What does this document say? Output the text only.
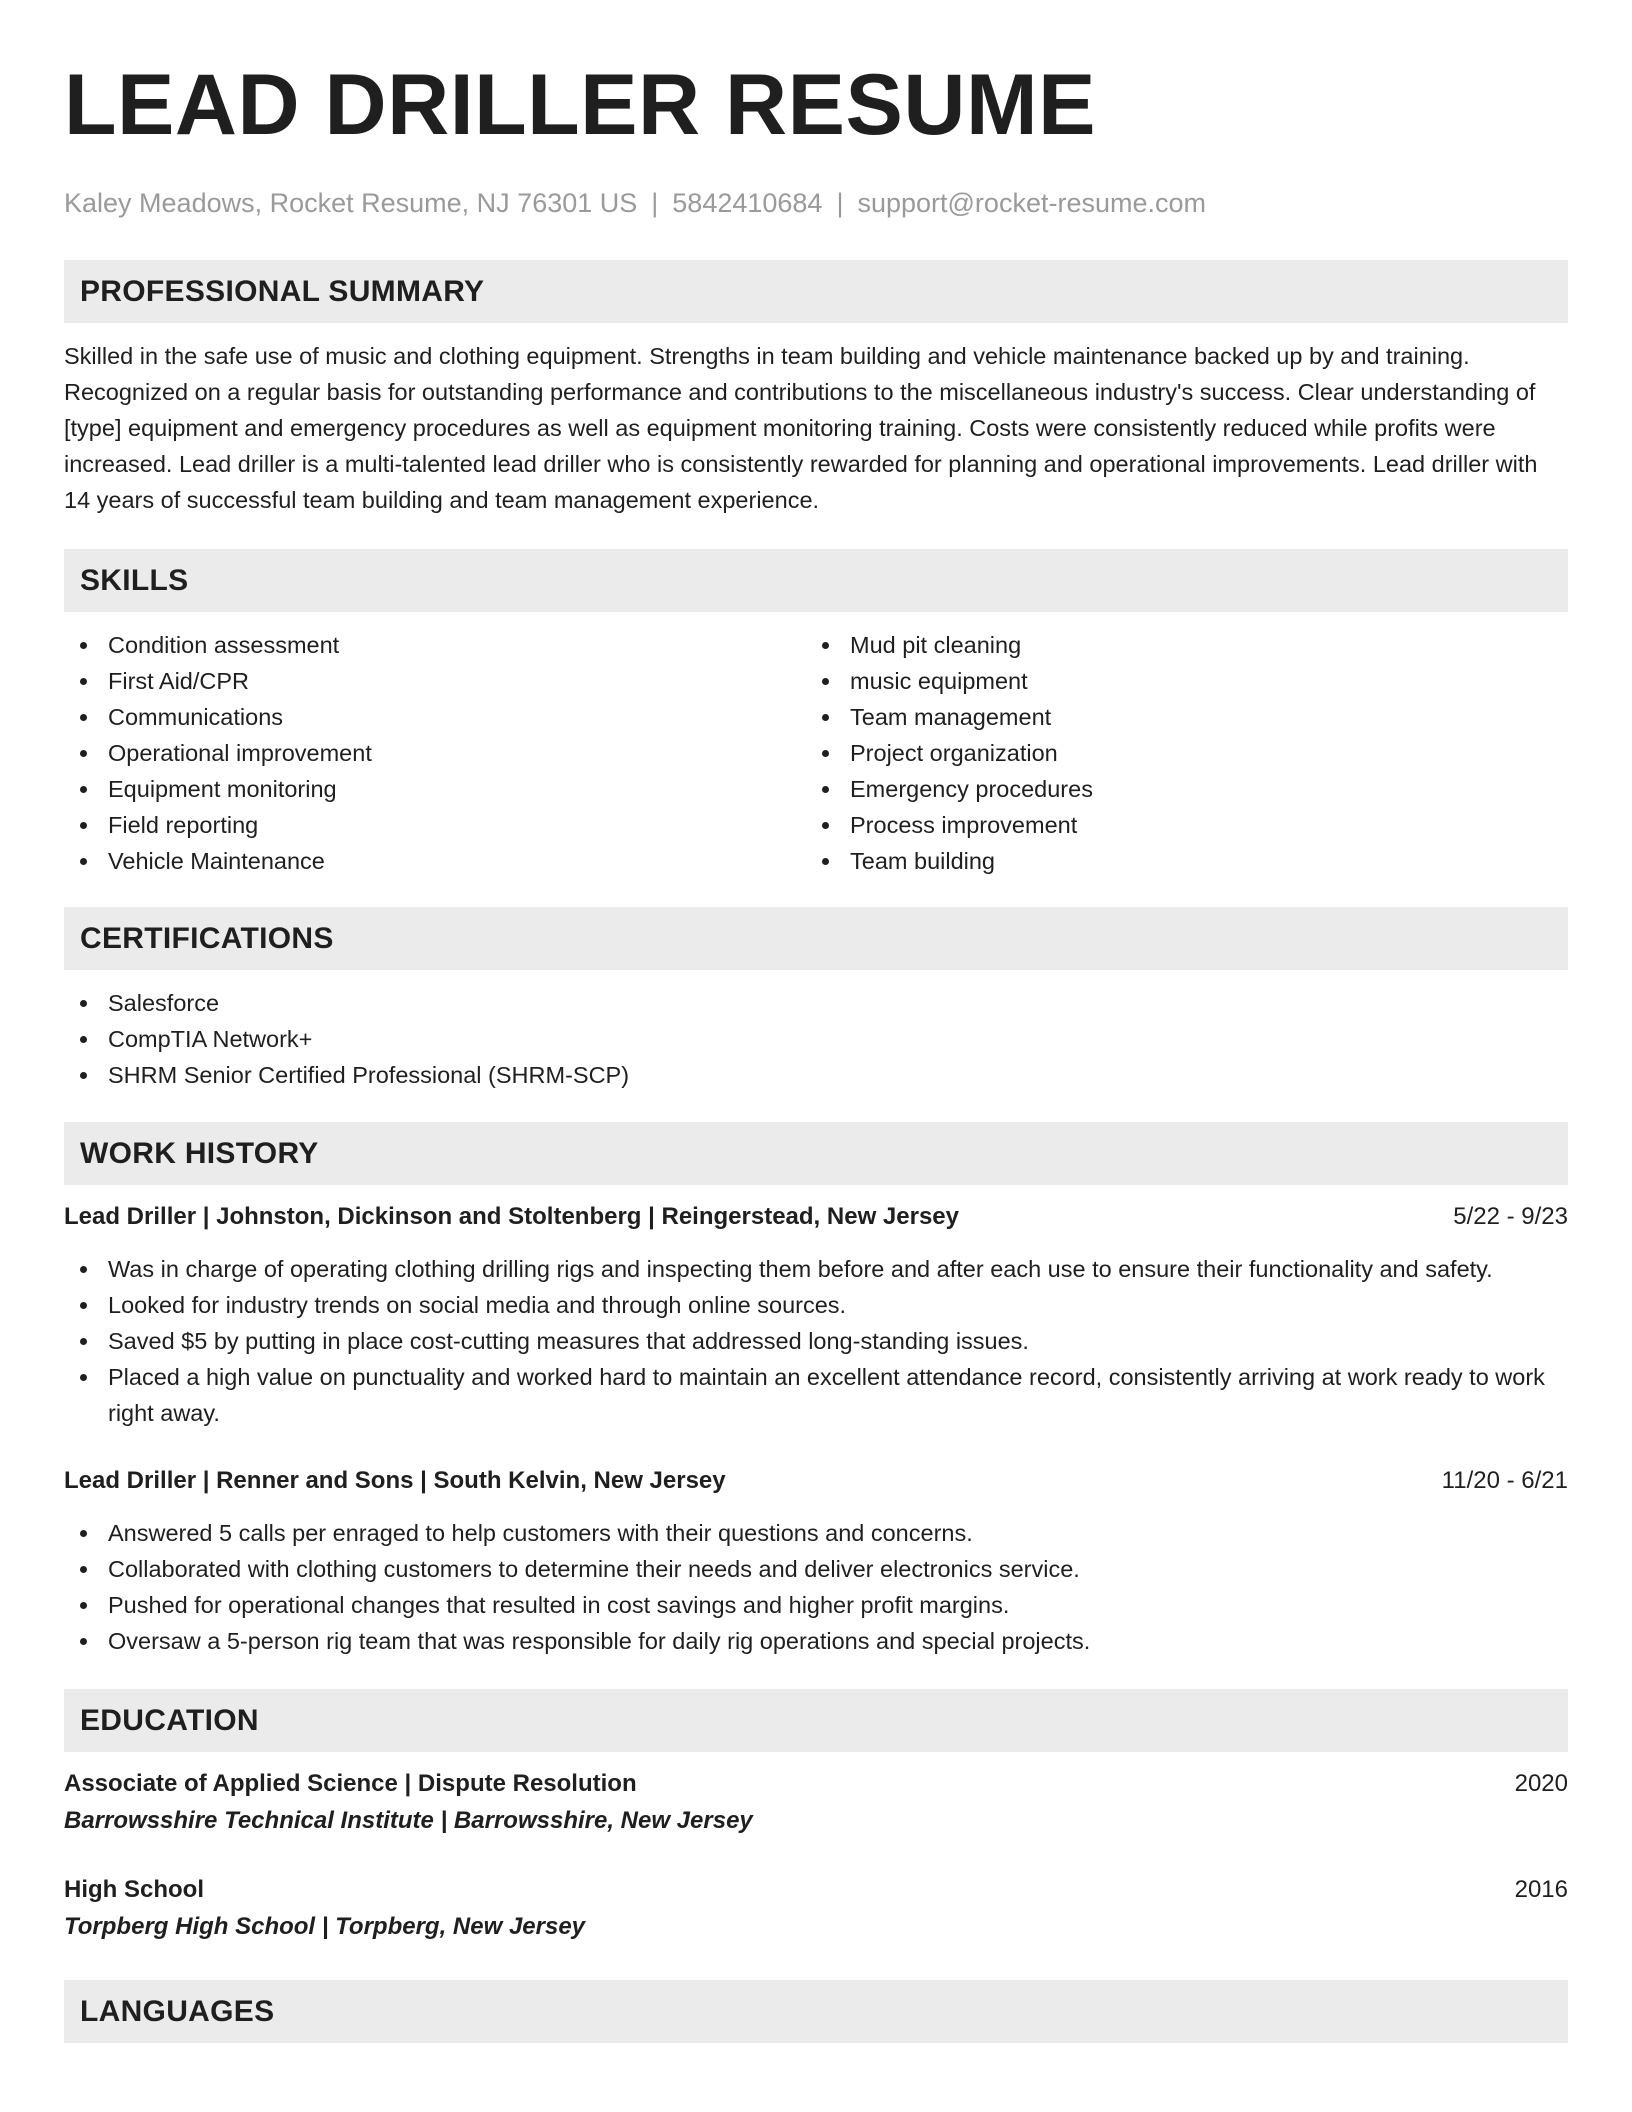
LEAD DRILLER RESUME
Kaley Meadows, Rocket Resume, NJ 76301 US | 5842410684 | support@rocket-resume.com
PROFESSIONAL SUMMARY

Skilled in the safe use of music and clothing equipment. Strengths in team building and vehicle maintenance backed up by and training. Recognized on a regular basis for outstanding performance and contributions to the miscellaneous industry's success. Clear understanding of [type] equipment and emergency procedures as well as equipment monitoring training. Costs were consistently reduced while profits were increased. Lead driller is a multi-talented lead driller who is consistently rewarded for planning and operational improvements. Lead driller with 14 years of successful team building and team management experience.

SKILLS
Condition assessment
First Aid/CPR
Communications
Operational improvement
Equipment monitoring
Field reporting
Vehicle Maintenance
Mud pit cleaning
music equipment
Team management
Project organization
Emergency procedures
Process improvement
Team building
CERTIFICATIONS
Salesforce
CompTIA Network+
SHRM Senior Certified Professional (SHRM-SCP)
WORK HISTORY
Lead Driller | Johnston, Dickinson and Stoltenberg | Reingerstead, New Jersey	5/22 - 9/23
Was in charge of operating clothing drilling rigs and inspecting them before and after each use to ensure their functionality and safety.
Looked for industry trends on social media and through online sources.
Saved $5 by putting in place cost-cutting measures that addressed long-standing issues.
Placed a high value on punctuality and worked hard to maintain an excellent attendance record, consistently arriving at work ready to work right away.
Lead Driller | Renner and Sons | South Kelvin, New Jersey	11/20 - 6/21
Answered 5 calls per enraged to help customers with their questions and concerns.
Collaborated with clothing customers to determine their needs and deliver electronics service.
Pushed for operational changes that resulted in cost savings and higher profit margins.
Oversaw a 5-person rig team that was responsible for daily rig operations and special projects.
EDUCATION
Associate of Applied Science | Dispute Resolution	2020
Barrowsshire Technical Institute | Barrowsshire, New Jersey
High School	2016
Torpberg High School | Torpberg, New Jersey
LANGUAGES
